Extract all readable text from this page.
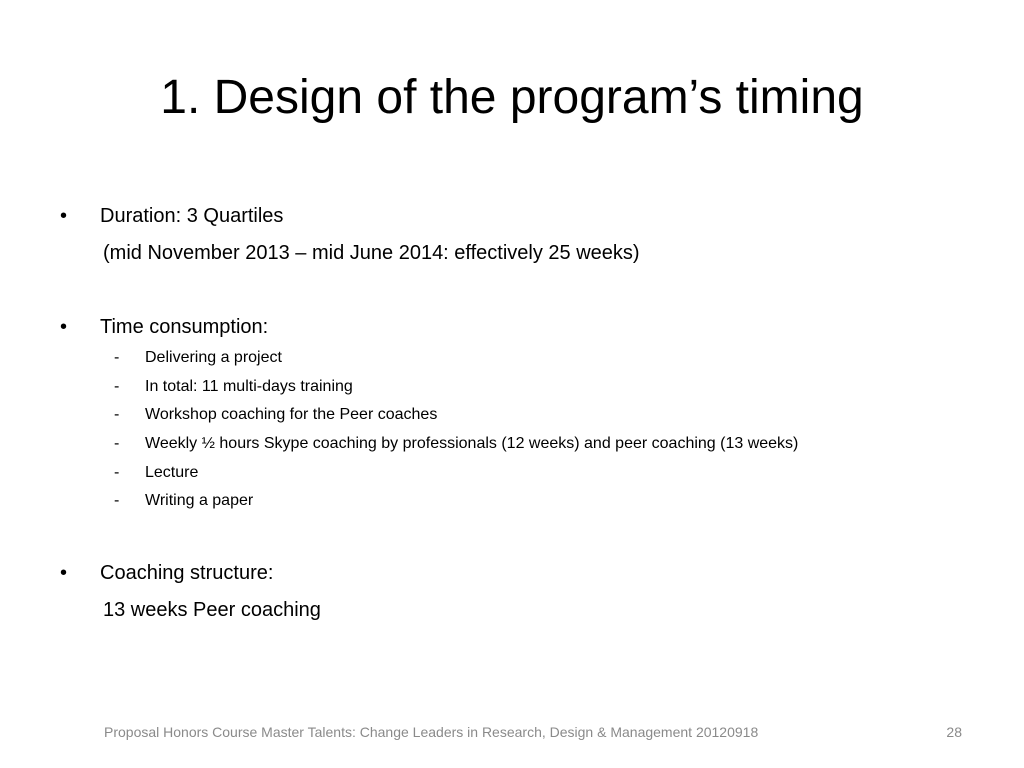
1. Design of the program’s timing
• Duration: 3 Quartiles
(mid November 2013 – mid June 2014: effectively 25 weeks)
• Time consumption:
- Delivering a project
- In total: 11 multi-days training
- Workshop coaching for the Peer coaches
- Weekly ½ hours Skype coaching by professionals (12 weeks) and peer coaching (13 weeks)
- Lecture
- Writing a paper
• Coaching structure:
13 weeks Peer coaching
Proposal Honors Course Master Talents: Change Leaders in Research, Design & Management 20120918	28
